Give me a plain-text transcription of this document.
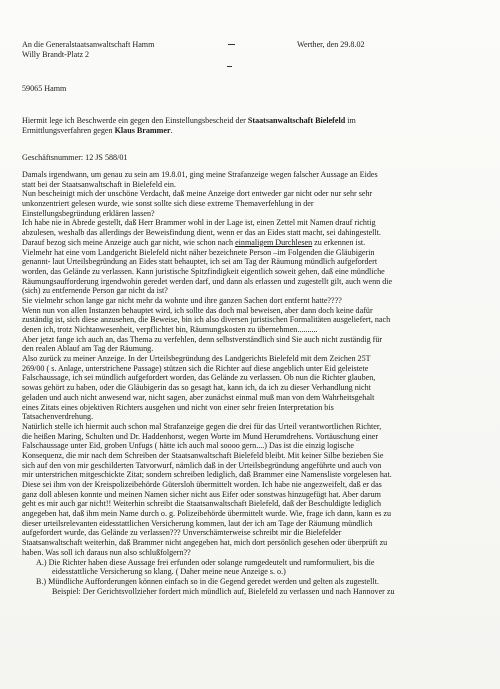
An die Generalstaatsanwaltschaft Hamm
Willy Brandt-Platz 2
Werther, den 29.8.02
59065 Hamm
Hiermit lege ich Beschwerde ein gegen den Einstellungsbescheid der Staatsanwaltschaft Bielefeld im
Ermittlungsverfahren gegen Klaus Brammer.
Geschäftsnummer: 12 JS 588/01
Damals irgendwann, um genau zu sein am 19.8.01, ging meine Strafanzeige wegen falscher Aussage an Eides
statt bei der Staatsanwaltschaft in Bielefeld ein.
Nun bescheinigt mich der unschöne Verdacht, daß meine Anzeige dort entweder gar nicht oder nur sehr sehr
unkonzentriert gelesen wurde, wie sonst sollte sich diese extreme Themaverfehlung in der
Einstellungsbegründung erklären lassen?
Ich habe nie in Abrede gestellt, daß Herr Brammer wohl in der Lage ist, einen Zettel mit Namen drauf richtig
abzulesen, weshalb das allerdings der Beweisfindung dient, wenn er das an Eides statt macht, sei dahingestellt.
Darauf bezog sich meine Anzeige auch gar nicht, wie schon nach einmaligem Durchlesen zu erkennen ist.
Vielmehr hat eine vom Landgericht Bielefeld nicht näher bezeichnete Person –im Folgenden die Gläubigerin
genannt- laut Urteilsbegründung an Eides statt behauptet, ich sei am Tag der Räumung mündlich aufgefordert
worden, das Gelände zu verlassen. Kann juristische Spitzfindigkeit eigentlich soweit gehen, daß eine mündliche
Räumungsaufforderung irgendwohin geredet werden darf, und dann als erlassen und zugestellt gilt, auch wenn die
(sich) zu entfernende Person gar nicht da ist?
Sie vielmehr schon lange gar nicht mehr da wohnte und ihre ganzen Sachen dort entfernt hatte????
Wenn nun von allen Instanzen behauptet wird, ich sollte das doch mal beweisen, aber dann doch keine dafür
zuständig ist, sich diese anzusehen, die Beweise, bin ich also diversen juristischen Formalitäten ausgeliefert, nach
denen ich, trotz Nichtanwesenheit, verpflichtet bin, Räumungskosten zu übernehmen..........
Aber jetzt fange ich auch an, das Thema zu verfehlen, denn selbstverständlich sind Sie auch nicht zuständig für
den realen Ablauf am Tag der Räumung.
Also zurück zu meiner Anzeige. In der Urteilsbegründung des Landgerichts Bielefeld mit dem Zeichen 25T
269/00 ( s. Anlage, unterstrichene Passage) stützen sich die Richter auf diese angeblich unter Eid geleistete
Falschaussage, ich sei mündlich aufgefordert worden, das Gelände zu verlassen. Ob nun die Richter glauben,
sowas gehört zu haben, oder die Gläubigerin das so gesagt hat, kann ich, da ich zu dieser Verhandlung nicht
geladen und auch nicht anwesend war, nicht sagen, aber zunächst einmal muß man von dem Wahrheitsgehalt
eines Zitats eines objektiven Richters ausgehen und nicht von einer sehr freien Interpretation bis
Tatsachenverdrehung.
Natürlich stelle ich hiermit auch schon mal Strafanzeige gegen die drei für das Urteil verantwortlichen Richter,
die heißen Maring, Schulten und Dr. Haddenhorst, wegen Worte im Mund Herumdrehens. Vortäuschung einer
Falschaussage unter Eid, groben Unfugs ( hätte ich auch mal soooo gern....) Das ist die einzig logische
Konsequenz, die mir nach dem Schreiben der Staatsanwaltschaft Bielefeld bleibt. Mit keiner Silbe bezieben Sie
sich auf den von mir geschilderten Tatvorwurf, nämlich daß in der Urteilsbegründung angeführte und auch von
mir unterstrichen mitgeschickte Zitat; sondern schreiben lediglich, daß Brammer eine Namensliste vorgelesen hat.
Diese sei ihm von der Kreispolizeibehörde Gütersloh übermittelt worden. Ich habe nie angezweifelt, daß er das
ganz doll ablesen konnte und meinen Namen sicher nicht aus Eifer oder sonstwas hinzugefügt hat. Aber darum
geht es mir auch gar nicht!! Weiterhin schreibt die Staatsanwaltschaft Bielefeld, daß der Beschuldigte lediglich
angegeben hat, daß ihm mein Name durch o. g. Polizeibehörde übermittelt wurde. Wie, frage ich dann, kann es zu
dieser urteilsrelevanten eidesstattlichen Versicherung kommen, laut der ich am Tage der Räumung mündlich
aufgefordert wurde, das Gelände zu verlassen??? Unverschämterweise schreibt mir die Bielefelder
Staatsanwaltschaft weiterhin, daß Brammer nicht angegeben hat, mich dort persönlich gesehen oder überprüft zu
haben. Was soll ich daraus nun also schlußfolgern??
A.) Die Richter haben diese Aussage frei erfunden oder solange rumgedeutelt und rumformuliert, bis die
eidesstattliche Versicherung so klang. ( Daher meine neue Anzeige s. o.)
B.) Mündliche Aufforderungen können einfach so in die Gegend geredet werden und gelten als zugestellt.
Beispiel: Der Gerichtsvollzieher fordert mich mündlich auf, Bielefeld zu verlassen und nach Hannover zu
